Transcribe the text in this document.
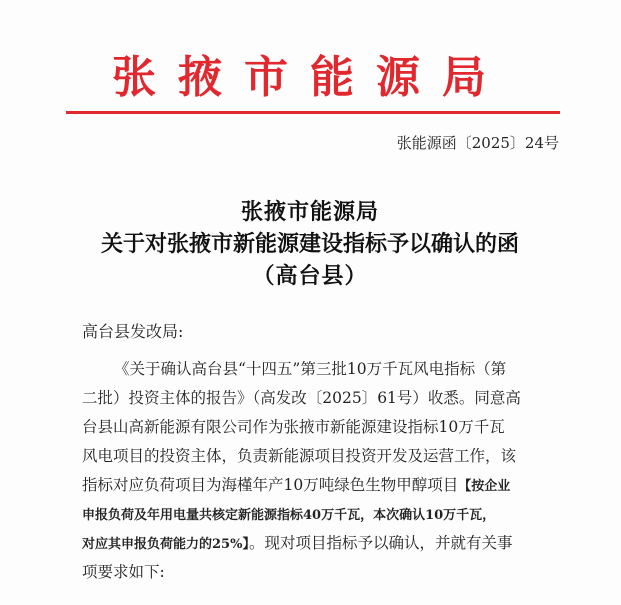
张掖市能源局
张能源函〔2025〕24号
张掖市能源局
关于对张掖市新能源建设指标予以确认的函
（高台县）
高台县发改局:
《关于确认高台县“十四五”第三批10万千瓦风电指标（第
二批）投资主体的报告》（高发改〔2025〕61号）收悉。同意高
台县山高新能源有限公司作为张掖市新能源建设指标10万千瓦
风电项目的投资主体，负责新能源项目投资开发及运营工作，该
指标对应负荷项目为海槿年产10万吨绿色生物甲醇项目【按企业
申报负荷及年用电量共核定新能源指标40万千瓦，本次确认10万千瓦，
对应其申报负荷能力的25%】。现对项目指标予以确认，并就有关事
项要求如下:
